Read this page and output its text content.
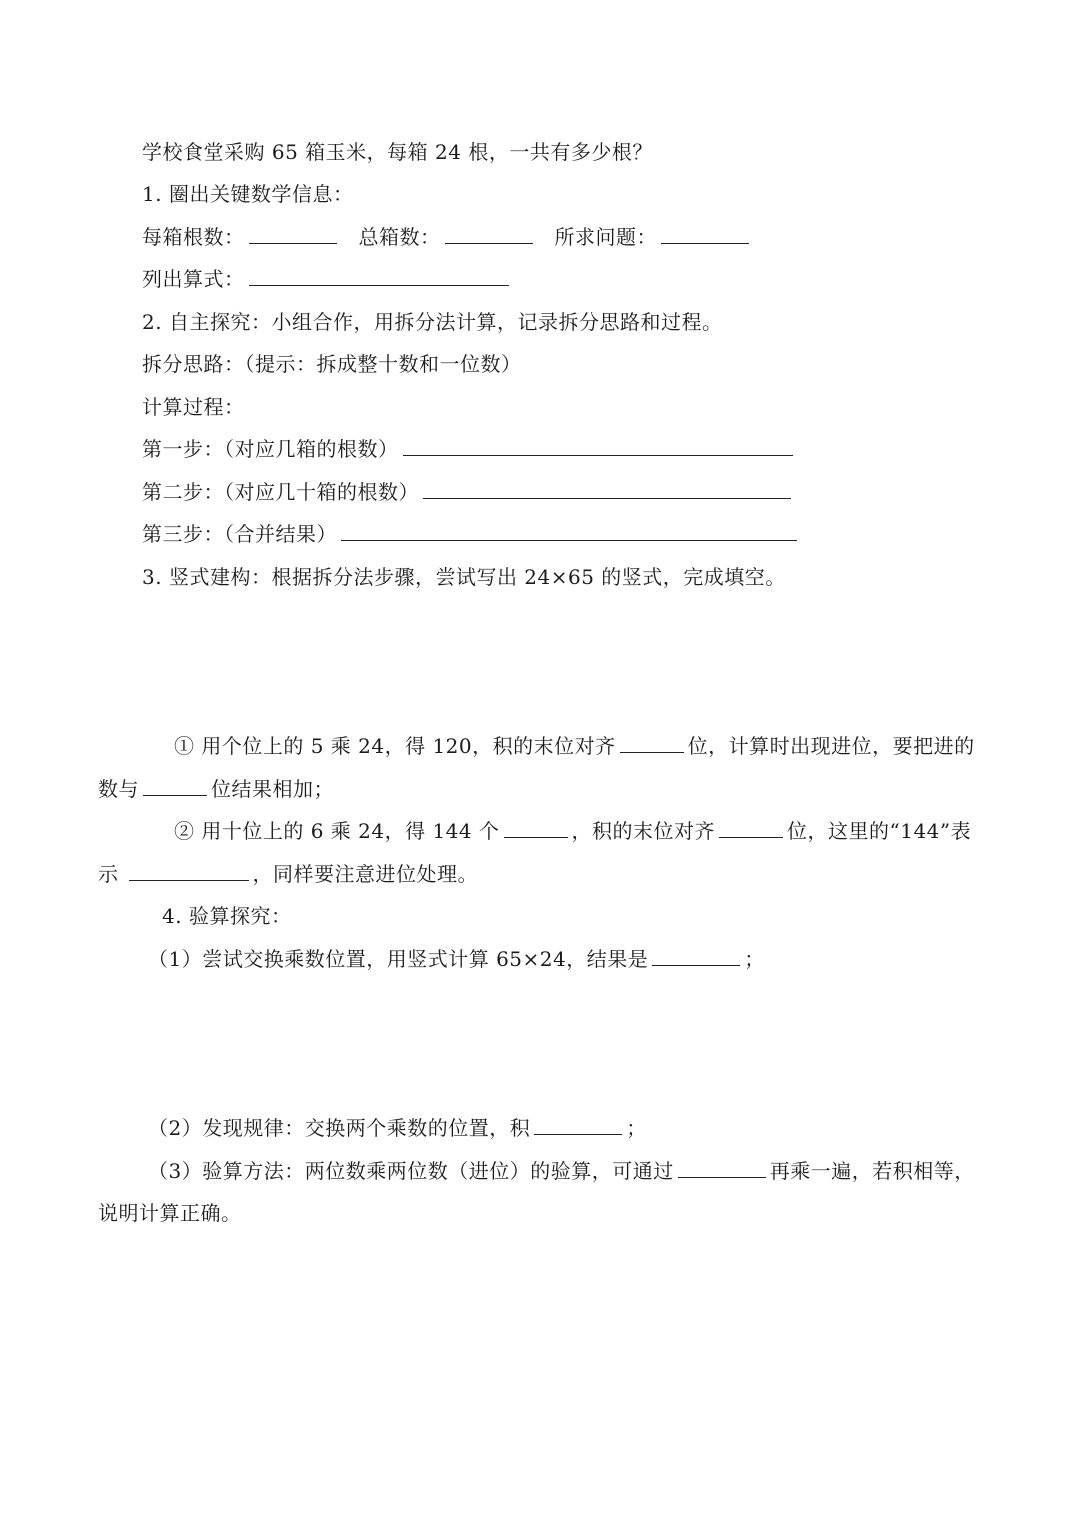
学校食堂采购 65 箱玉米，每箱 24 根，一共有多少根？
1. 圈出关键数学信息：
每箱根数：	总箱数：	所求问题：
列出算式：
2. 自主探究：小组合作，用拆分法计算，记录拆分思路和过程。
拆分思路：（提示：拆成整十数和一位数）
计算过程：
第一步：（对应几箱的根数）
第二步：（对应几十箱的根数）
第三步：（合并结果）
3. 竖式建构：根据拆分法步骤，尝试写出 24×65 的竖式，完成填空。
① 用个位上的 5 乘 24，得 120，积的末位对齐	位，计算时出现进位，要把进的
数与	位结果相加；
② 用十位上的 6 乘 24，得 144 个	，积的末位对齐	位，这里的“144”表
示	，同样要注意进位处理。
4. 验算探究：
（1）尝试交换乘数位置，用竖式计算 65×24，结果是	；
（2）发现规律：交换两个乘数的位置，积	；
（3）验算方法：两位数乘两位数（进位）的验算，可通过	再乘一遍，若积相等，
说明计算正确。
